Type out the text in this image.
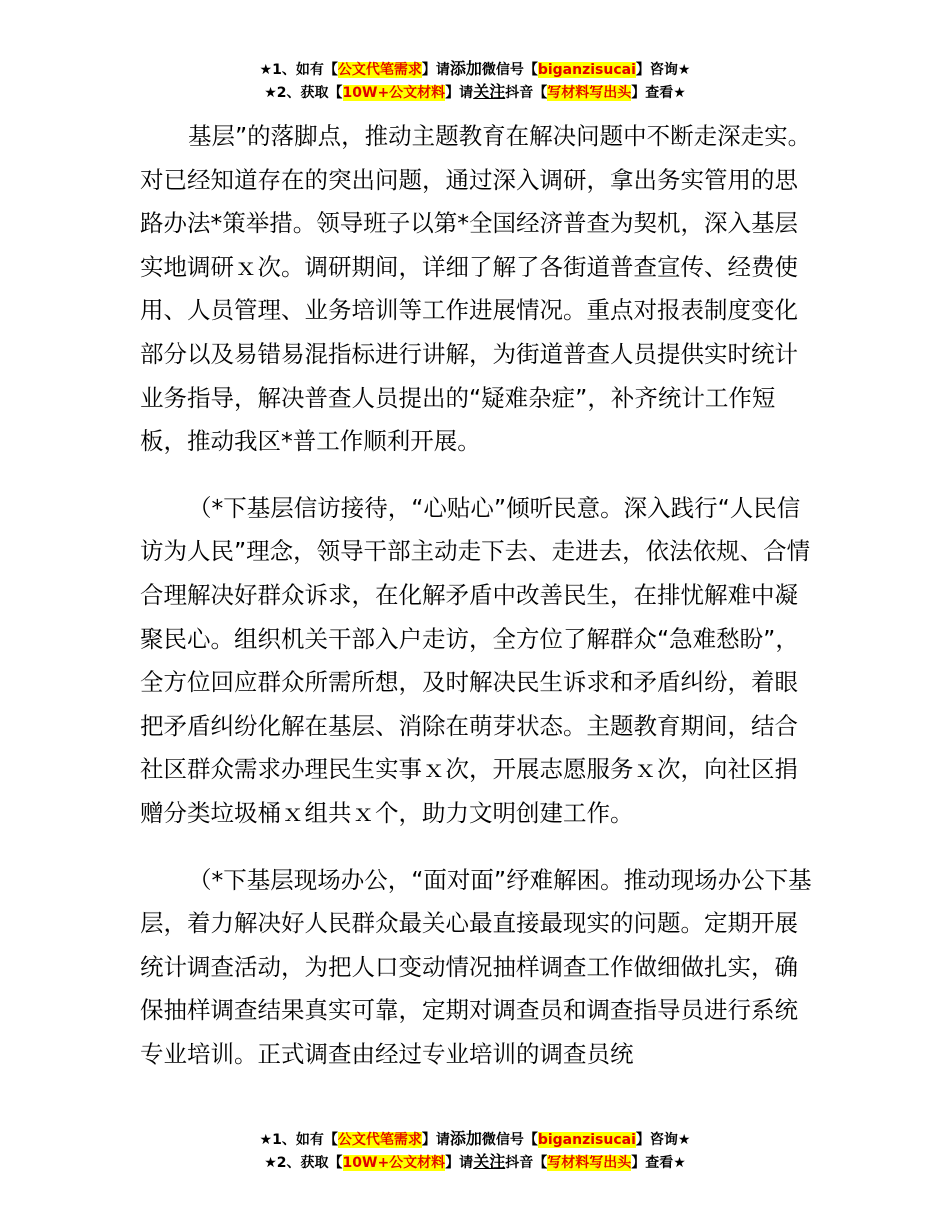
★1、如有【公文代笔需求】请添加微信号【biganzisucai】咨询★
★2、获取【10W+公文材料】请关注抖音【写材料写出头】查看★

基层”的落脚点，推动主题教育在解决问题中不断走深走实。对已经知道存在的突出问题，通过深入调研，拿出务实管用的思路办法*策举措。领导班子以第*全国经济普查为契机，深入基层实地调研ｘ次。调研期间，详细了解了各街道普查宣传、经费使用、人员管理、业务培训等工作进展情况。重点对报表制度变化部分以及易错易混指标进行讲解，为街道普查人员提供实时统计业务指导，解决普查人员提出的“疑难杂症”，补齐统计工作短板，推动我区*普工作顺利开展。

（*下基层信访接待，“心贴心”倾听民意。深入践行“人民信访为人民”理念，领导干部主动走下去、走进去，依法依规、合情合理解决好群众诉求，在化解矛盾中改善民生，在排忧解难中凝聚民心。组织机关干部入户走访，全方位了解群众“急难愁盼”，全方位回应群众所需所想，及时解决民生诉求和矛盾纠纷，着眼把矛盾纠纷化解在基层、消除在萌芽状态。主题教育期间，结合社区群众需求办理民生实事ｘ次，开展志愿服务ｘ次，向社区捐赠分类垃圾桶ｘ组共ｘ个，助力文明创建工作。

（*下基层现场办公，“面对面”纾难解困。推动现场办公下基层，着力解决好人民群众最关心最直接最现实的问题。定期开展统计调查活动，为把人口变动情况抽样调查工作做细做扎实，确保抽样调查结果真实可靠，定期对调查员和调查指导员进行系统专业培训。正式调查由经过专业培训的调查员统

★1、如有【公文代笔需求】请添加微信号【biganzisucai】咨询★
★2、获取【10W+公文材料】请关注抖音【写材料写出头】查看★
